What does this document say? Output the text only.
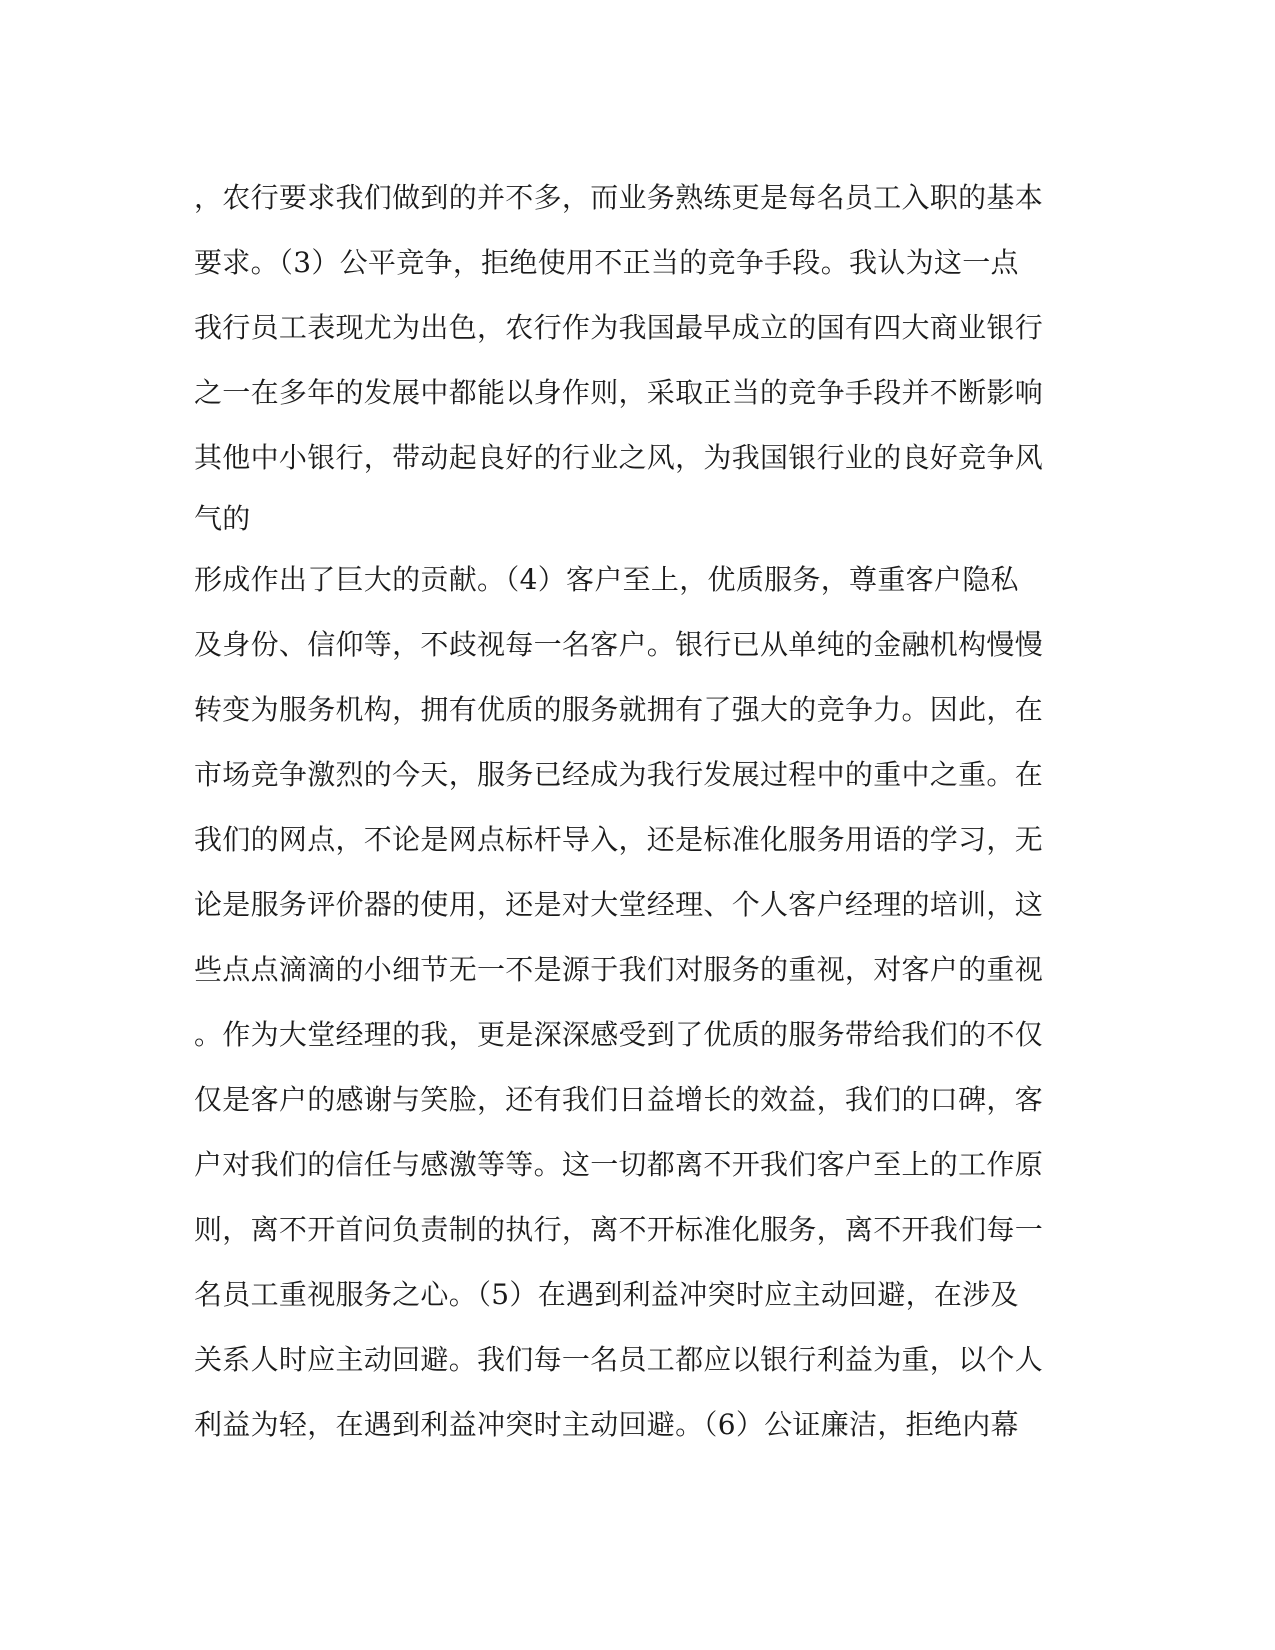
，农行要求我们做到的并不多，而业务熟练更是每名员工入职的基本
要求。（3）公平竞争，拒绝使用不正当的竞争手段。我认为这一点
我行员工表现尤为出色，农行作为我国最早成立的国有四大商业银行
之一在多年的发展中都能以身作则，采取正当的竞争手段并不断影响
其他中小银行，带动起良好的行业之风，为我国银行业的良好竞争风
气的
形成作出了巨大的贡献。（4）客户至上，优质服务，尊重客户隐私
及身份、信仰等，不歧视每一名客户。银行已从单纯的金融机构慢慢
转变为服务机构，拥有优质的服务就拥有了强大的竞争力。因此，在
市场竞争激烈的今天，服务已经成为我行发展过程中的重中之重。在
我们的网点，不论是网点标杆导入，还是标准化服务用语的学习，无
论是服务评价器的使用，还是对大堂经理、个人客户经理的培训，这
些点点滴滴的小细节无一不是源于我们对服务的重视，对客户的重视
。作为大堂经理的我，更是深深感受到了优质的服务带给我们的不仅
仅是客户的感谢与笑脸，还有我们日益增长的效益，我们的口碑，客
户对我们的信任与感激等等。这一切都离不开我们客户至上的工作原
则，离不开首问负责制的执行，离不开标准化服务，离不开我们每一
名员工重视服务之心。（5）在遇到利益冲突时应主动回避，在涉及
关系人时应主动回避。我们每一名员工都应以银行利益为重，以个人
利益为轻，在遇到利益冲突时主动回避。（6）公证廉洁，拒绝内幕
